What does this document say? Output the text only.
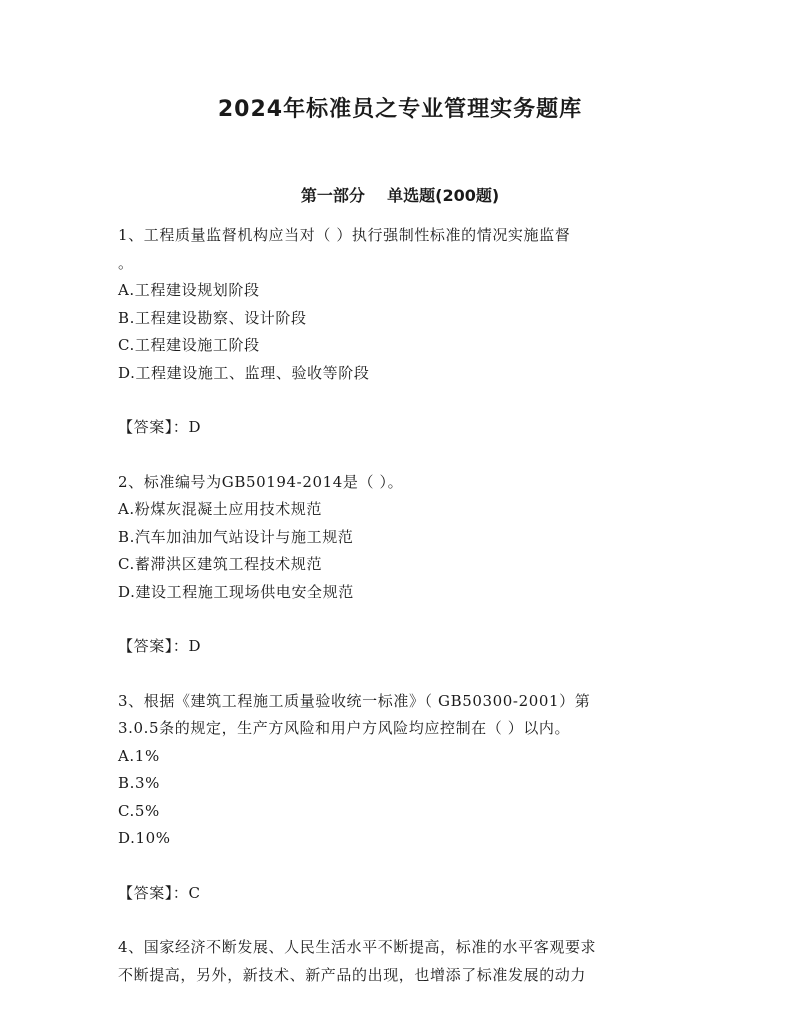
2024年标准员之专业管理实务题库
第一部分    单选题(200题)

1、工程质量监督机构应当对（ ）执行强制性标准的情况实施监督

。

A.工程建设规划阶段

B.工程建设勘察、设计阶段

C.工程建设施工阶段

D.工程建设施工、监理、验收等阶段

【答案】：D

2、标准编号为GB50194-2014是（ ）。

A.粉煤灰混凝土应用技术规范

B.汽车加油加气站设计与施工规范

C.蓄滞洪区建筑工程技术规范

D.建设工程施工现场供电安全规范

【答案】：D

3、根据《建筑工程施工质量验收统一标准》（ GB50300-2001）第

3.0.5条的规定，生产方风险和用户方风险均应控制在（ ）以内。

A.1%

B.3%

C.5%

D.10%

【答案】：C

4、国家经济不断发展、人民生活水平不断提高，标准的水平客观要求

不断提高，另外，新技术、新产品的出现，也增添了标准发展的动力
